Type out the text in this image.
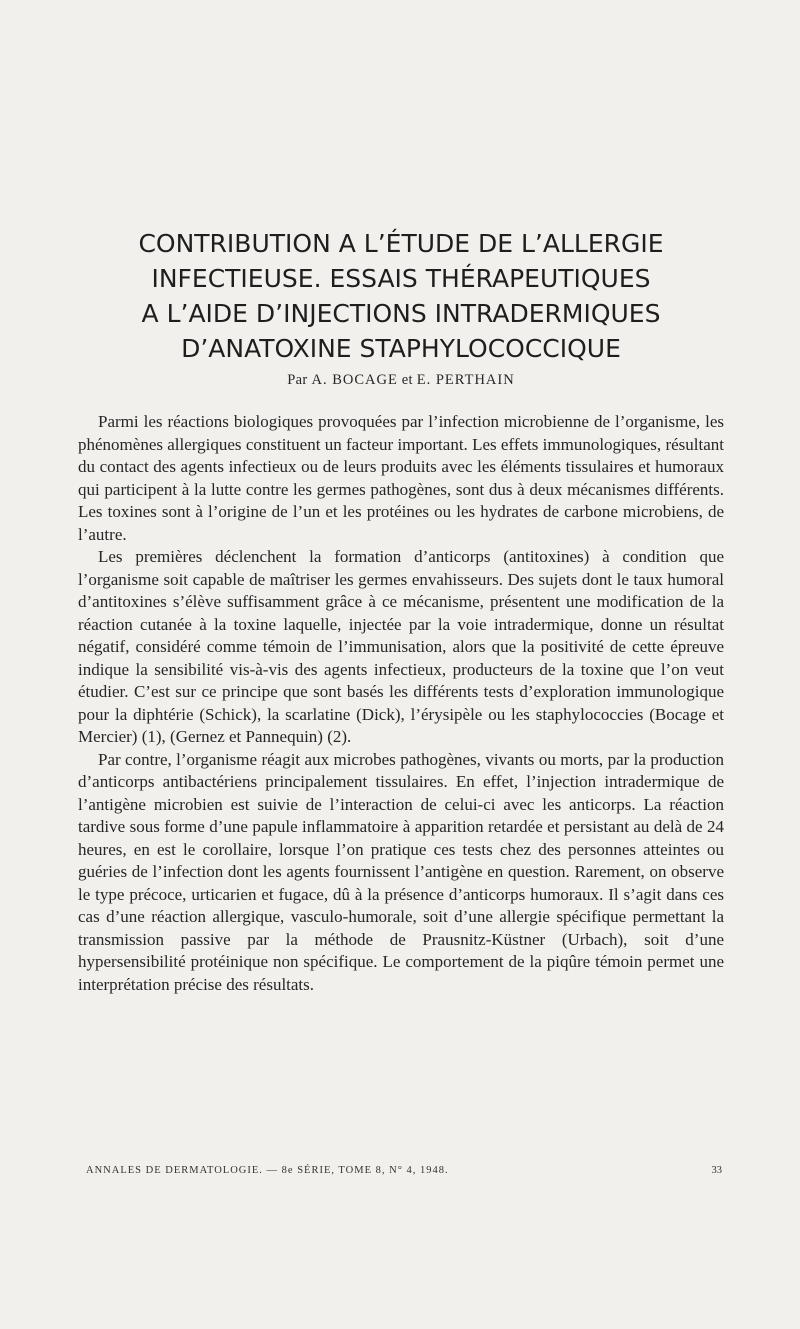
CONTRIBUTION A L’ÉTUDE DE L’ALLERGIE
INFECTIEUSE. ESSAIS THÉRAPEUTIQUES
A L’AIDE D’INJECTIONS INTRADERMIQUES
D’ANATOXINE STAPHYLOCOCCIQUE
Par A. BOCAGE et E. PERTHAIN

Parmi les réactions biologiques provoquées par l’infection microbienne de l’organisme, les phénomènes allergiques constituent un facteur important. Les effets immunologiques, résultant du contact des agents infectieux ou de leurs produits avec les éléments tissulaires et humoraux qui participent à la lutte contre les germes pathogènes, sont dus à deux mécanismes différents. Les toxines sont à l’origine de l’un et les protéines ou les hydrates de carbone microbiens, de l’autre.

Les premières déclenchent la formation d’anticorps (antitoxines) à condition que l’organisme soit capable de maîtriser les germes envahisseurs. Des sujets dont le taux humoral d’antitoxines s’élève suffisamment grâce à ce mécanisme, présentent une modification de la réaction cutanée à la toxine laquelle, injectée par la voie intradermique, donne un résultat négatif, considéré comme témoin de l’immunisation, alors que la positivité de cette épreuve indique la sensibilité vis-à-vis des agents infectieux, producteurs de la toxine que l’on veut étudier. C’est sur ce principe que sont basés les différents tests d’exploration immunologique pour la diphtérie (Schick), la scarlatine (Dick), l’érysipèle ou les staphylococcies (Bocage et Mercier) (1), (Gernez et Pannequin) (2).

Par contre, l’organisme réagit aux microbes pathogènes, vivants ou morts, par la production d’anticorps antibactériens principalement tissulaires. En effet, l’injection intradermique de l’antigène microbien est suivie de l’interaction de celui-ci avec les anticorps. La réaction tardive sous forme d’une papule inflammatoire à apparition retardée et persistant au delà de 24 heures, en est le corollaire, lorsque l’on pratique ces tests chez des personnes atteintes ou guéries de l’infection dont les agents fournissent l’antigène en question. Rarement, on observe le type précoce, urticarien et fugace, dû à la présence d’anticorps humoraux. Il s’agit dans ces cas d’une réaction allergique, vasculo-humorale, soit d’une allergie spécifique permettant la transmission passive par la méthode de Prausnitz-Küstner (Urbach), soit d’une hypersensibilité protéinique non spécifique. Le comportement de la piqûre témoin permet une interprétation précise des résultats.

ANNALES DE DERMATOLOGIE. — 8e SÉRIE, TOME 8, N° 4, 1948.	33
